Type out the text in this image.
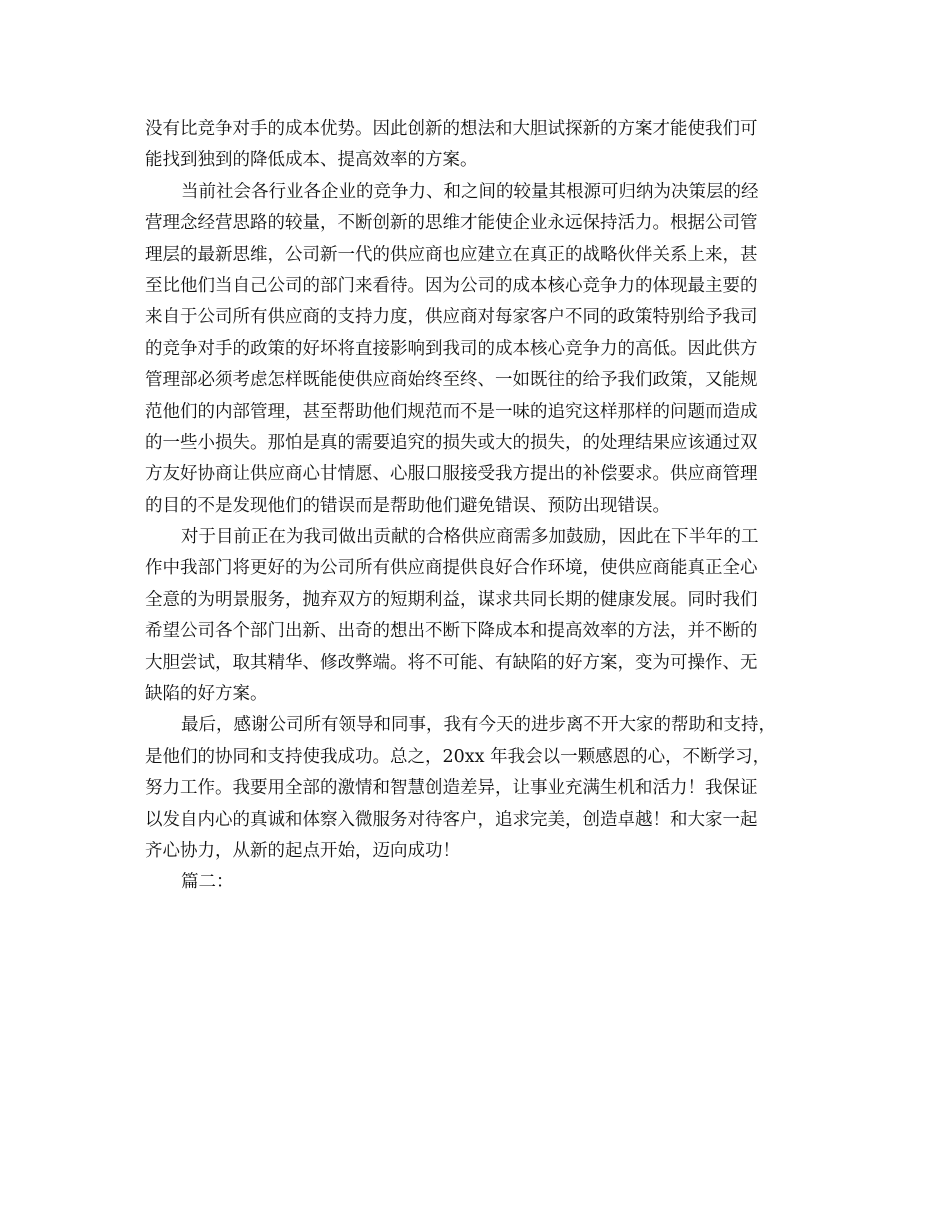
没有比竞争对手的成本优势。因此创新的想法和大胆试探新的方案才能使我们可
能找到独到的降低成本、提高效率的方案。
当前社会各行业各企业的竞争力、和之间的较量其根源可归纳为决策层的经
营理念经营思路的较量，不断创新的思维才能使企业永远保持活力。根据公司管
理层的最新思维，公司新一代的供应商也应建立在真正的战略伙伴关系上来，甚
至比他们当自己公司的部门来看待。因为公司的成本核心竞争力的体现最主要的
来自于公司所有供应商的支持力度，供应商对每家客户不同的政策特别给予我司
的竞争对手的政策的好坏将直接影响到我司的成本核心竞争力的高低。因此供方
管理部必须考虑怎样既能使供应商始终至终、一如既往的给予我们政策，又能规
范他们的内部管理，甚至帮助他们规范而不是一味的追究这样那样的问题而造成
的一些小损失。那怕是真的需要追究的损失或大的损失，的处理结果应该通过双
方友好协商让供应商心甘情愿、心服口服接受我方提出的补偿要求。供应商管理
的目的不是发现他们的错误而是帮助他们避免错误、预防出现错误。
对于目前正在为我司做出贡献的合格供应商需多加鼓励，因此在下半年的工
作中我部门将更好的为公司所有供应商提供良好合作环境，使供应商能真正全心
全意的为明景服务，抛弃双方的短期利益，谋求共同长期的健康发展。同时我们
希望公司各个部门出新、出奇的想出不断下降成本和提高效率的方法，并不断的
大胆尝试，取其精华、修改弊端。将不可能、有缺陷的好方案，变为可操作、无
缺陷的好方案。
最后，感谢公司所有领导和同事，我有今天的进步离不开大家的帮助和支持，
是他们的协同和支持使我成功。总之，20xx 年我会以一颗感恩的心，不断学习，
努力工作。我要用全部的激情和智慧创造差异，让事业充满生机和活力！我保证
以发自内心的真诚和体察入微服务对待客户，追求完美，创造卓越！和大家一起
齐心协力，从新的起点开始，迈向成功！
篇二：
